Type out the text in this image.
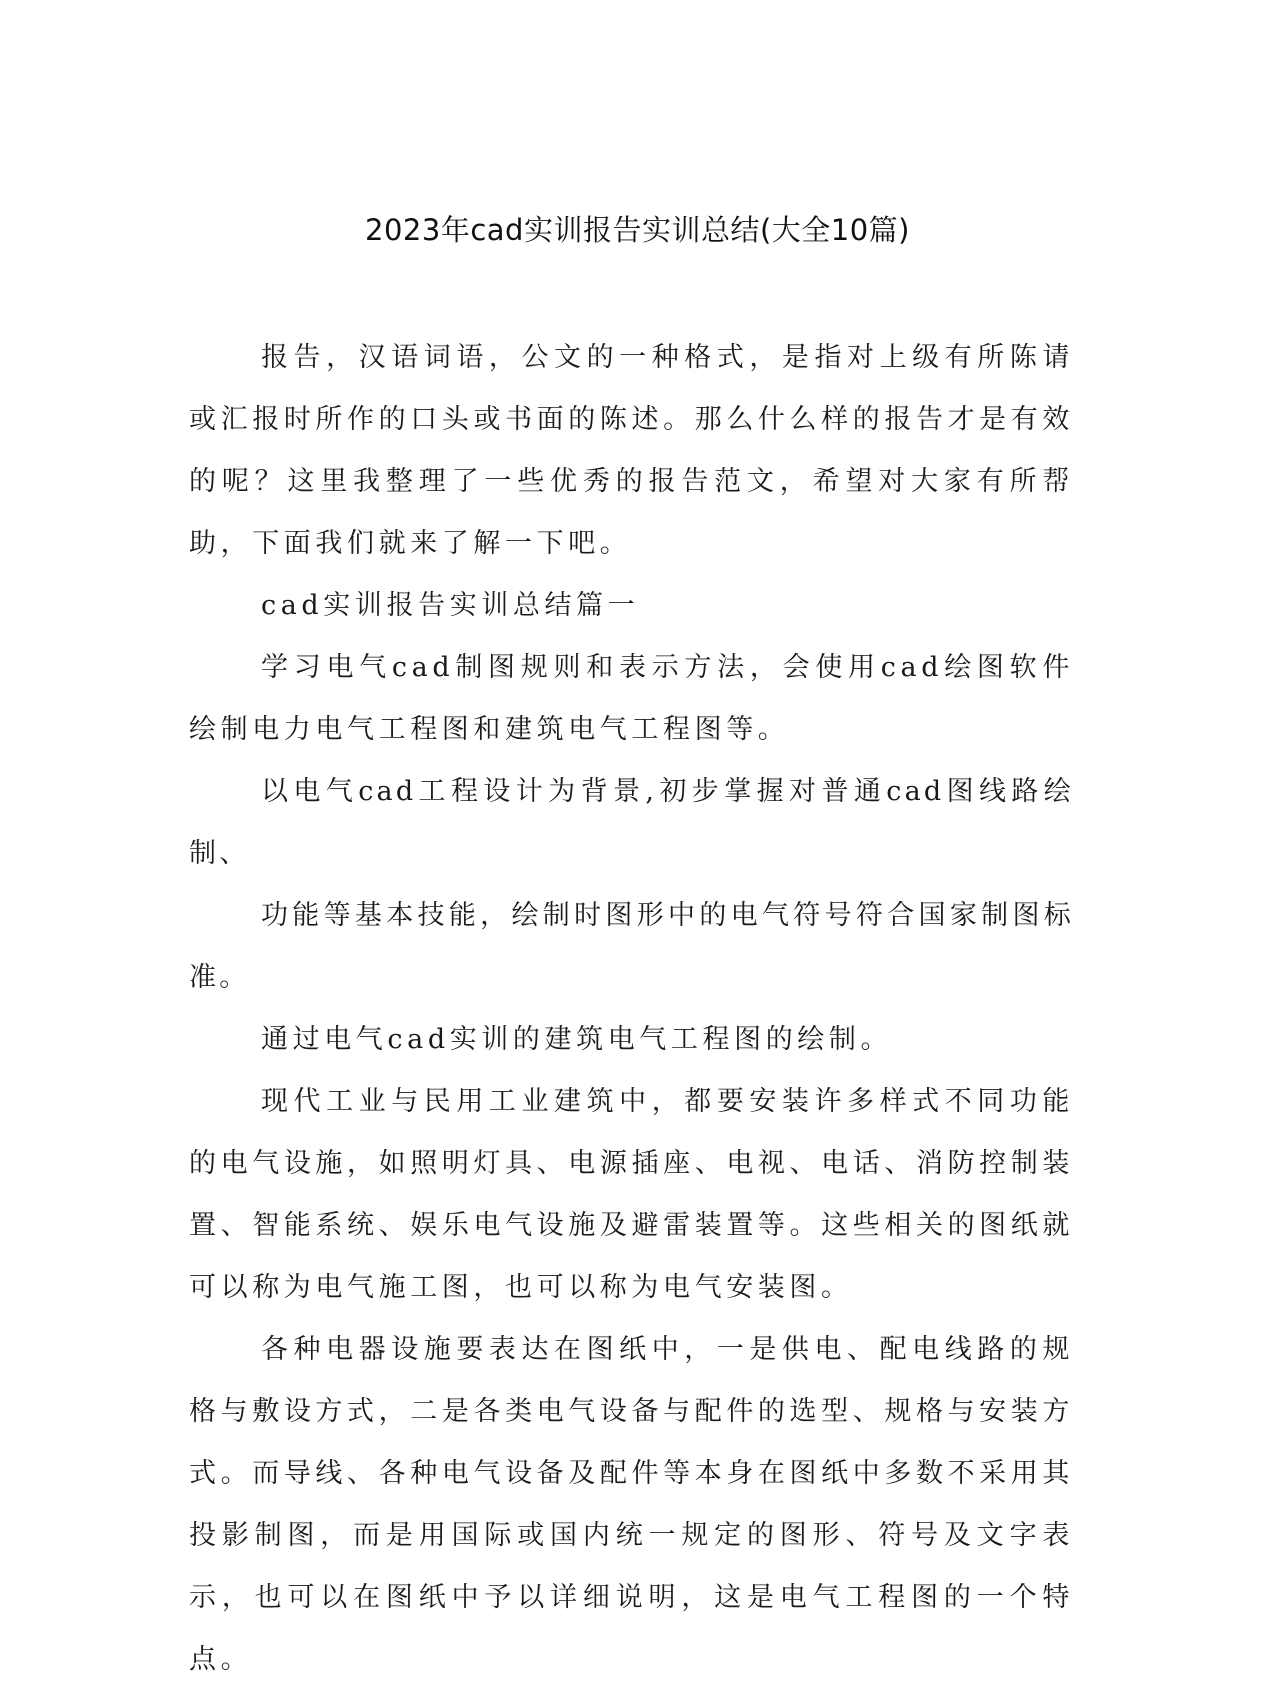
2023年cad实训报告实训总结(大全10篇)

报告，汉语词语，公文的一种格式，是指对上级有所陈请或汇报时所作的口头或书面的陈述。那么什么样的报告才是有效的呢？这里我整理了一些优秀的报告范文，希望对大家有所帮助，下面我们就来了解一下吧。

cad实训报告实训总结篇一

学习电气cad制图规则和表示方法，会使用cad绘图软件绘制电力电气工程图和建筑电气工程图等。

以电气cad工程设计为背景,初步掌握对普通cad图线路绘制、

功能等基本技能，绘制时图形中的电气符号符合国家制图标准。

通过电气cad实训的建筑电气工程图的绘制。

现代工业与民用工业建筑中，都要安装许多样式不同功能的电气设施，如照明灯具、电源插座、电视、电话、消防控制装置、智能系统、娱乐电气设施及避雷装置等。这些相关的图纸就可以称为电气施工图，也可以称为电气安装图。

各种电器设施要表达在图纸中，一是供电、配电线路的规格与敷设方式，二是各类电气设备与配件的选型、规格与安装方式。而导线、各种电气设备及配件等本身在图纸中多数不采用其投影制图，而是用国际或国内统一规定的图形、符号及文字表示，也可以在图纸中予以详细说明，这是电气工程图的一个特点。
